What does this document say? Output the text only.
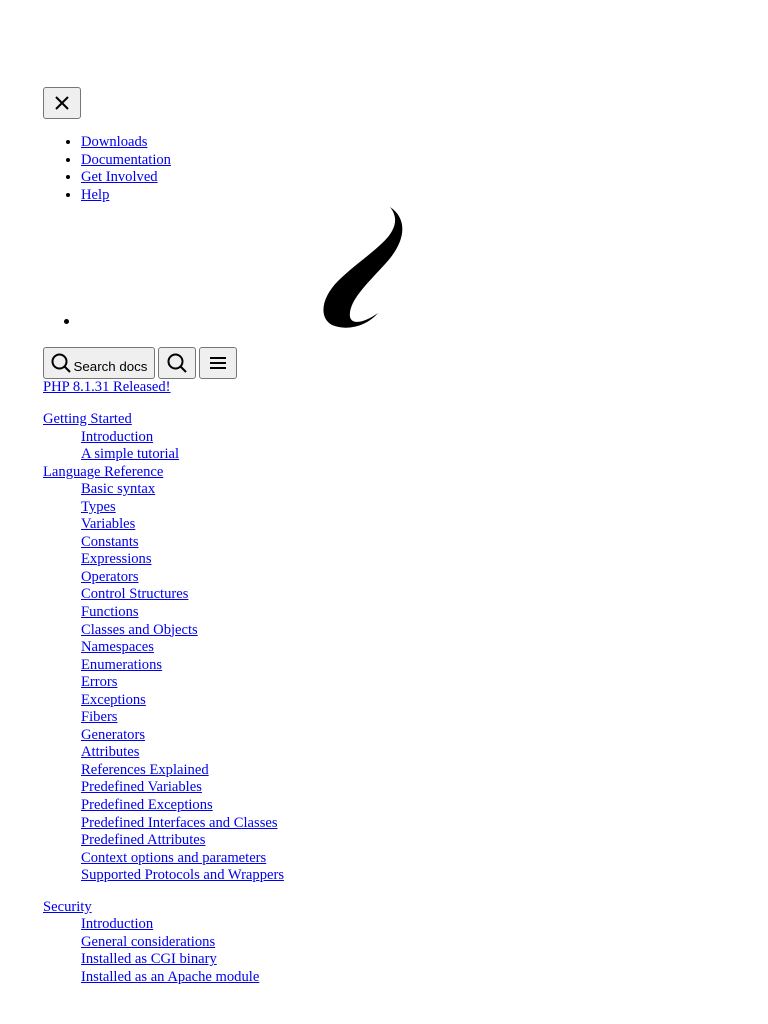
• Downloads
• Documentation
• Get Involved
• Help
Search docs
PHP 8.1.31 Released!
Getting Started
Introduction
A simple tutorial
Language Reference
Basic syntax
Types
Variables
Constants
Expressions
Operators
Control Structures
Functions
Classes and Objects
Namespaces
Enumerations
Errors
Exceptions
Fibers
Generators
Attributes
References Explained
Predefined Variables
Predefined Exceptions
Predefined Interfaces and Classes
Predefined Attributes
Context options and parameters
Supported Protocols and Wrappers
Security
Introduction
General considerations
Installed as CGI binary
Installed as an Apache module
